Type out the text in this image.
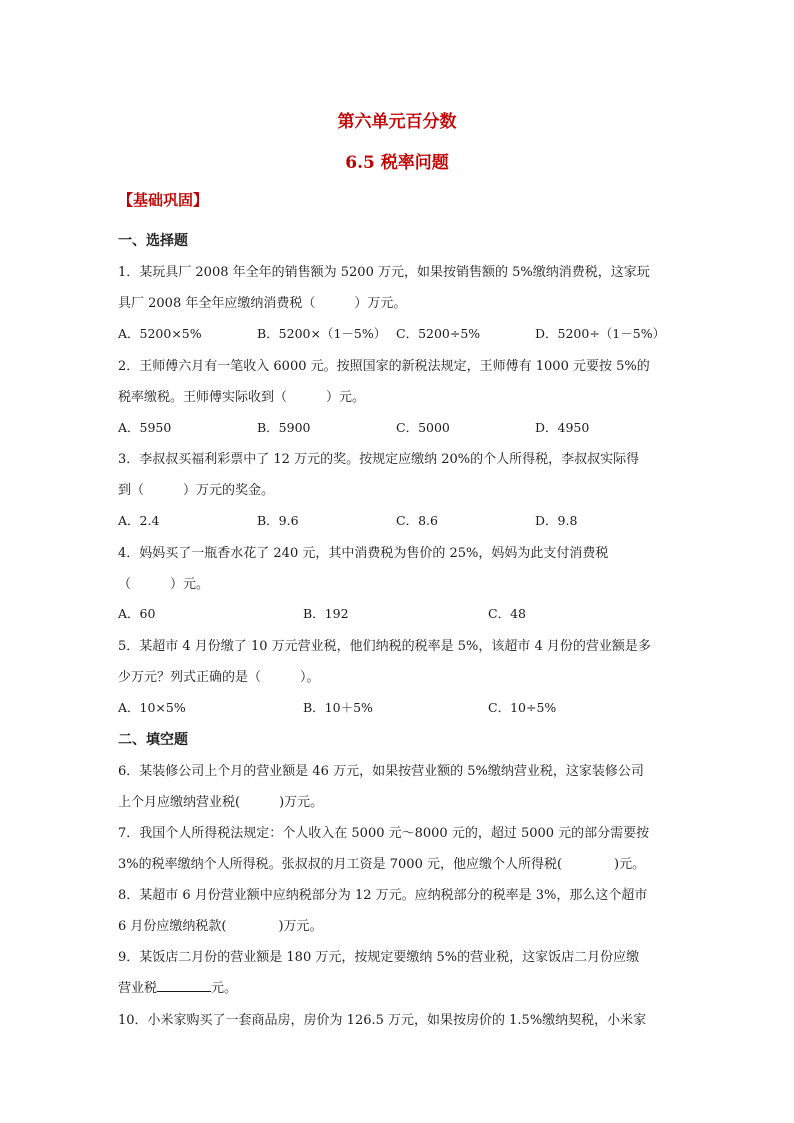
第六单元百分数
6.5 税率问题
【基础巩固】
一、选择题
1．某玩具厂 2008 年全年的销售额为 5200 万元，如果按销售额的 5%缴纳消费税，这家玩
具厂 2008 年全年应缴纳消费税（　　　）万元。
A．5200×5%	B．5200×（1－5%） C．5200÷5%	D．5200÷（1－5%）
2．王师傅六月有一笔收入 6000 元。按照国家的新税法规定，王师傅有 1000 元要按 5%的
税率缴税。王师傅实际收到（　　　）元。
A．5950	B．5900	C．5000	D．4950
3．李叔叔买福利彩票中了 12 万元的奖。按规定应缴纳 20%的个人所得税，李叔叔实际得
到（　　　）万元的奖金。
A．2.4	B．9.6	C．8.6	D．9.8
4．妈妈买了一瓶香水花了 240 元，其中消费税为售价的 25%，妈妈为此支付消费税
（　　　）元。
A．60	B．192	C．48
5．某超市 4 月份缴了 10 万元营业税，他们纳税的税率是 5%，该超市 4 月份的营业额是多
少万元？列式正确的是（　　　）。
A．10×5%	B．10＋5%	C．10÷5%
二、填空题
6．某装修公司上个月的营业额是 46 万元，如果按营业额的 5%缴纳营业税，这家装修公司
上个月应缴纳营业税(　　　)万元。
7．我国个人所得税法规定：个人收入在 5000 元～8000 元的，超过 5000 元的部分需要按
3%的税率缴纳个人所得税。张叔叔的月工资是 7000 元，他应缴个人所得税(　　　　)元。
8．某超市 6 月份营业额中应纳税部分为 12 万元。应纳税部分的税率是 3%，那么这个超市
6 月份应缴纳税款(　　　　)万元。
9．某饭店二月份的营业额是 180 万元，按规定要缴纳 5%的营业税，这家饭店二月份应缴
营业税	元。
10．小米家购买了一套商品房，房价为 126.5 万元，如果按房价的 1.5%缴纳契税，小米家
